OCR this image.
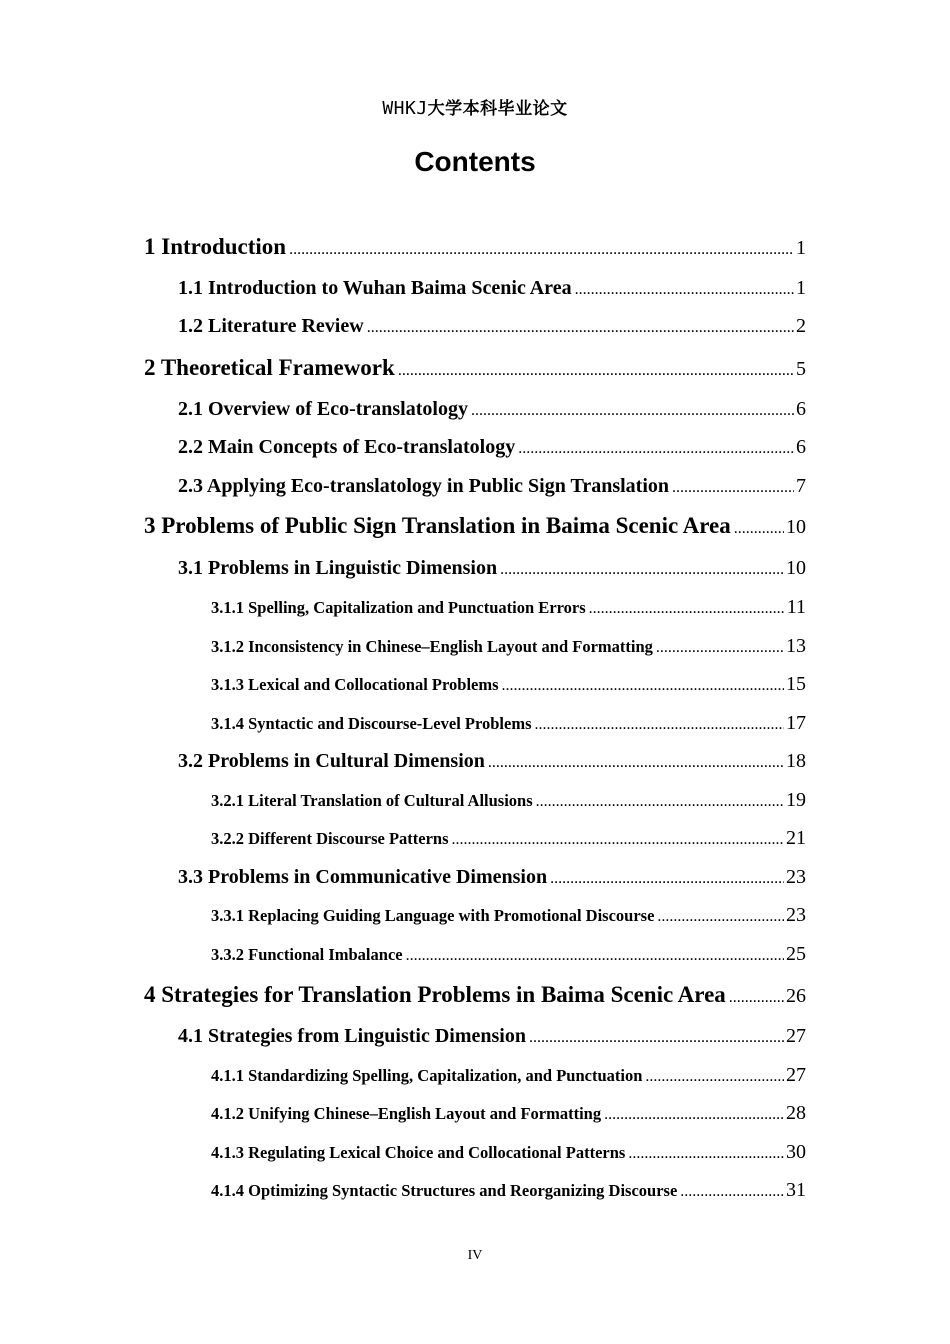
WHKJ大学本科毕业论文
Contents
1 Introduction .....	1
1.1 Introduction to Wuhan Baima Scenic Area .....	1
1.2 Literature Review .....	2
2 Theoretical Framework .....	5
2.1 Overview of Eco-translatology .....	6
2.2 Main Concepts of Eco-translatology .....	6
2.3 Applying Eco-translatology in Public Sign Translation .....	7
3 Problems of Public Sign Translation in Baima Scenic Area .....	10
3.1 Problems in Linguistic Dimension .....	10
3.1.1 Spelling, Capitalization and Punctuation Errors .....	11
3.1.2 Inconsistency in Chinese–English Layout and Formatting .....	13
3.1.3 Lexical and Collocational Problems .....	15
3.1.4 Syntactic and Discourse-Level Problems .....	17
3.2 Problems in Cultural Dimension .....	18
3.2.1 Literal Translation of Cultural Allusions .....	19
3.2.2 Different Discourse Patterns .....	21
3.3 Problems in Communicative Dimension .....	23
3.3.1 Replacing Guiding Language with Promotional Discourse .....	23
3.3.2 Functional Imbalance .....	25
4 Strategies for Translation Problems in Baima Scenic Area .....	26
4.1 Strategies from Linguistic Dimension .....	27
4.1.1 Standardizing Spelling, Capitalization, and Punctuation .....	27
4.1.2 Unifying Chinese–English Layout and Formatting .....	28
4.1.3 Regulating Lexical Choice and Collocational Patterns .....	30
4.1.4 Optimizing Syntactic Structures and Reorganizing Discourse .....	31
IV
